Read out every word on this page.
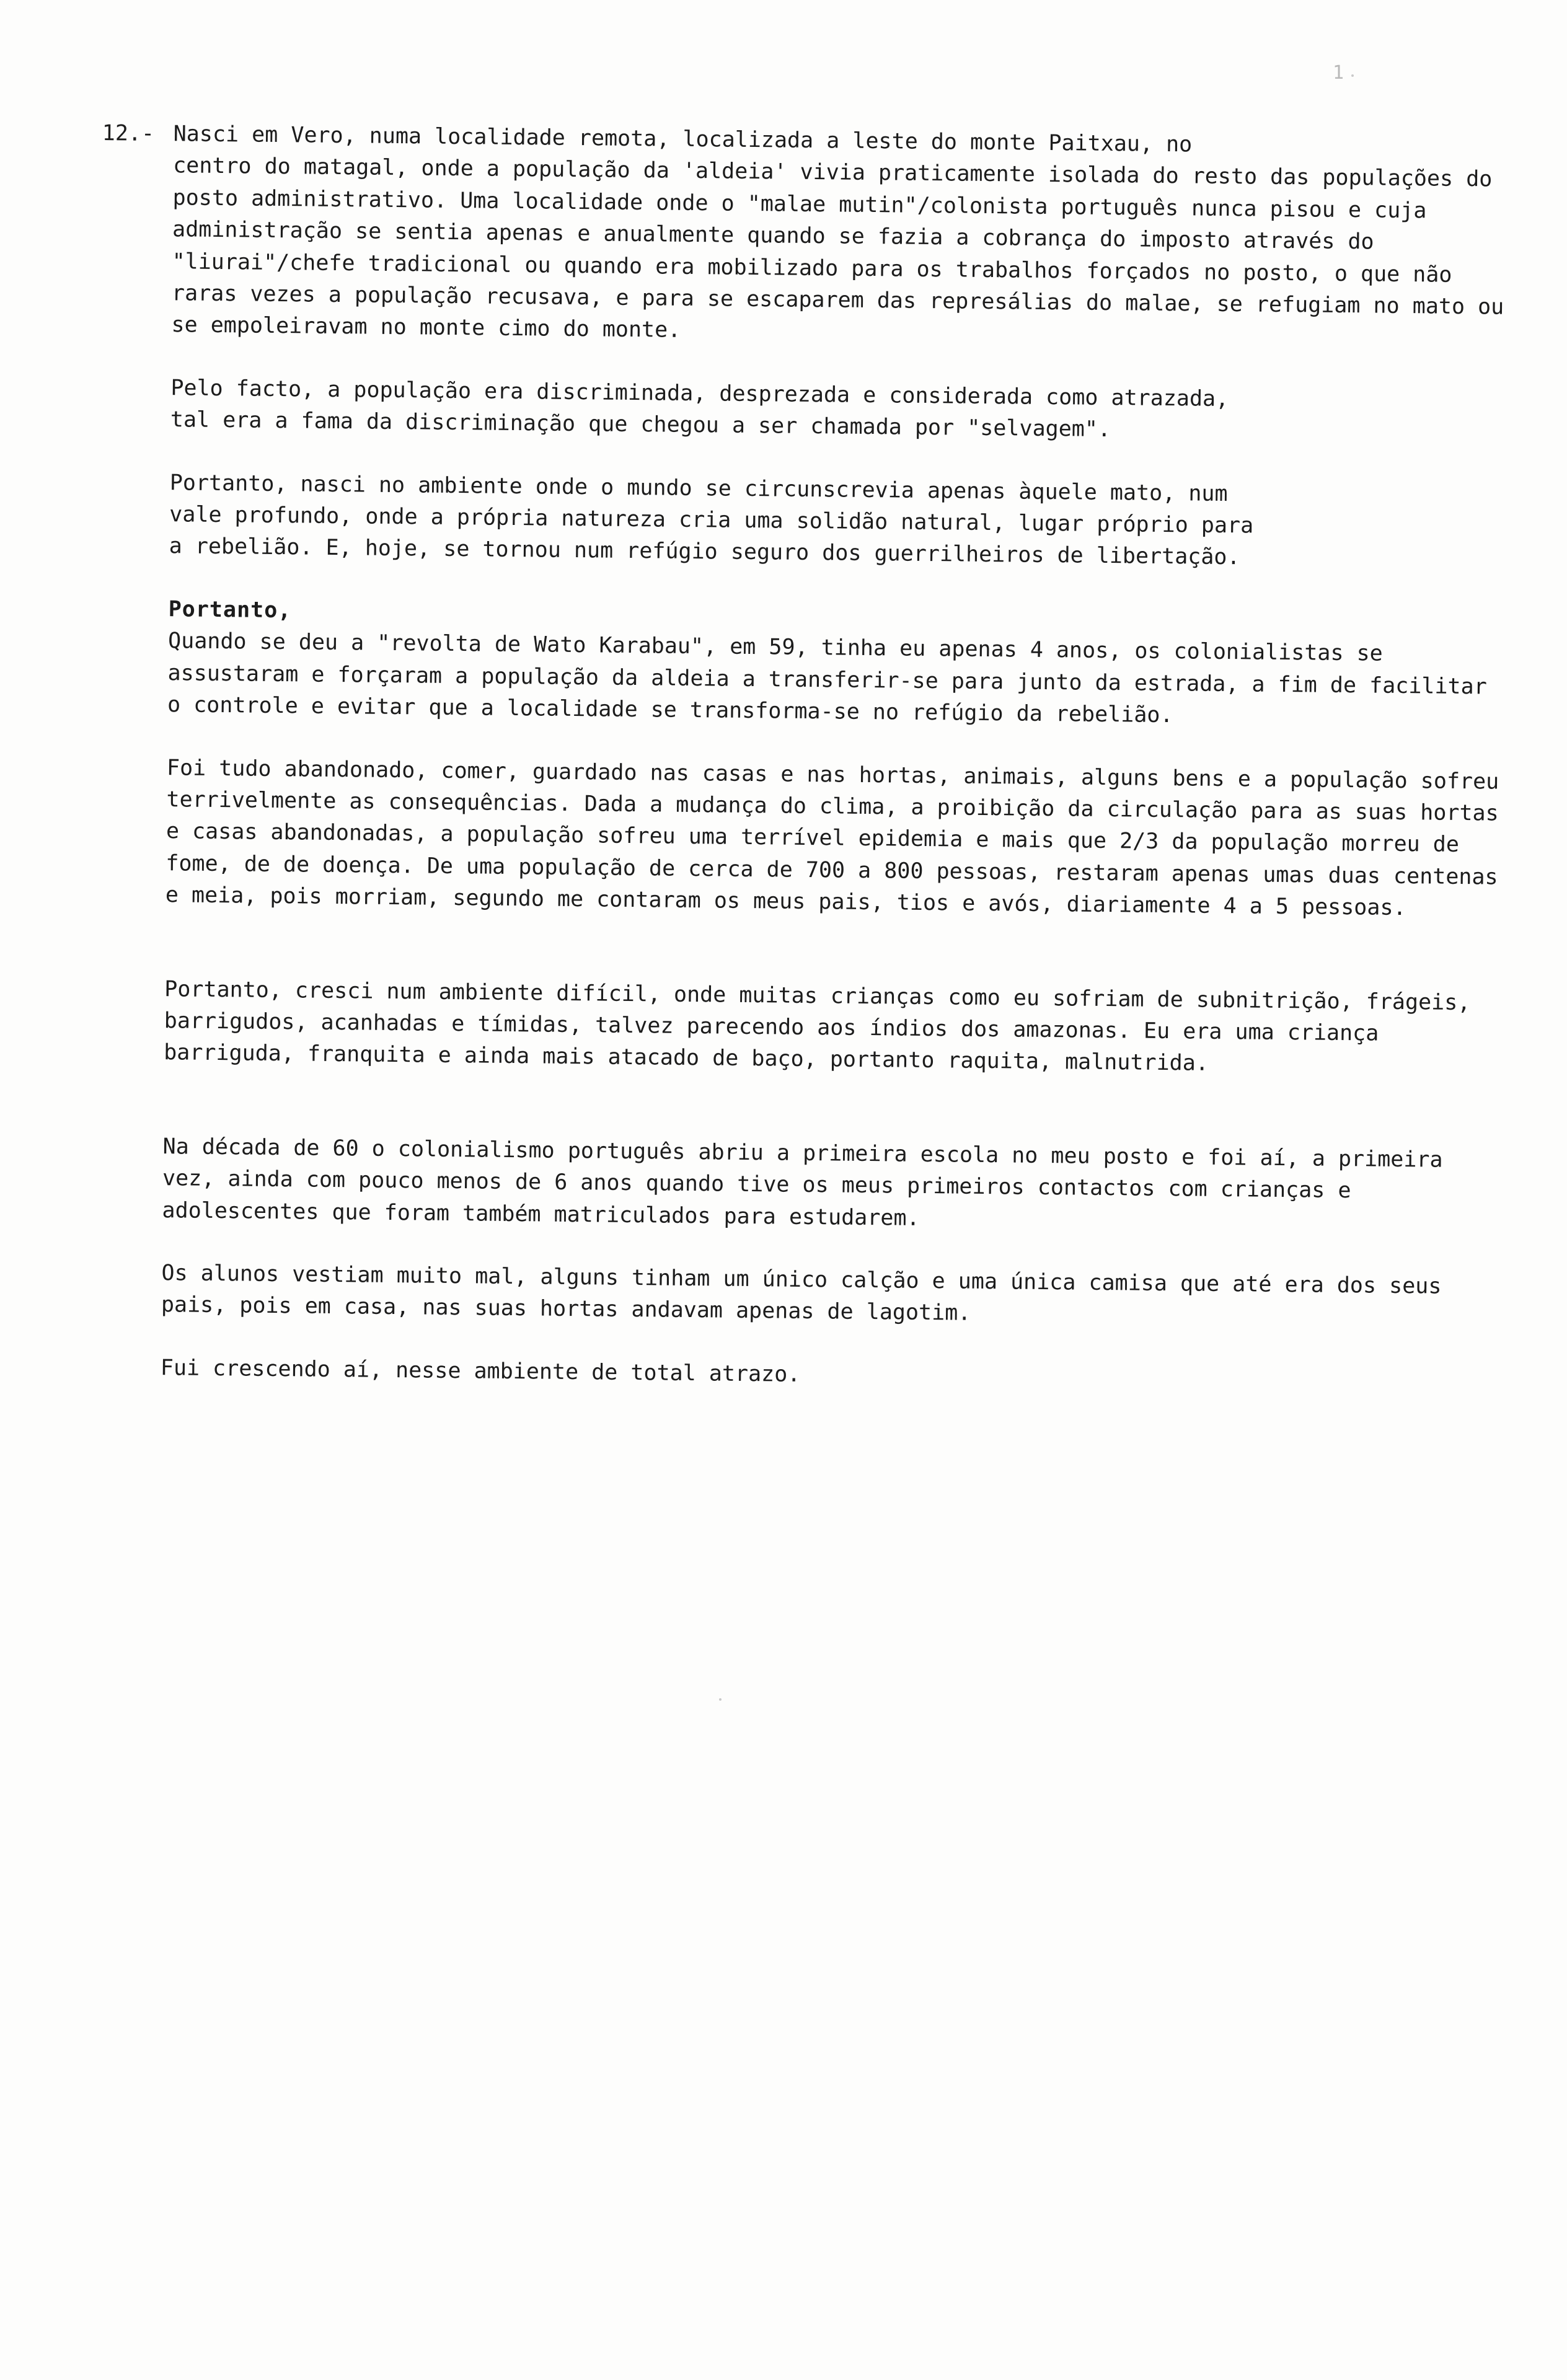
1
12.- Nasci em Vero, numa localidade remota, localizada a leste do monte Paitxau, no
centro do matagal, onde a população da 'aldeia' vivia praticamente isolada do resto das populações do posto administrativo. Uma localidade onde o "malae mutin"/colonista português nunca pisou e cuja administração se sentia apenas e anualmente quando se fazia a cobrança do imposto através do "liurai"/chefe tradicional ou quando era mobilizado para os trabalhos forçados no posto, o que não raras vezes a população recusava, e para se escaparem das represálias do malae, se refugiam no mato ou se empoleiravam no monte cimo do monte.

Pelo facto, a população era discriminada, desprezada e considerada como atrazada,
tal era a fama da discriminação que chegou a ser chamada por "selvagem".

Portanto, nasci no ambiente onde o mundo se circunscrevia apenas àquele mato, num
vale profundo, onde a própria natureza cria uma solidão natural, lugar próprio para
a rebelião. E, hoje, se tornou num refúgio seguro dos guerrilheiros de libertação.

Portanto,

Quando se deu a "revolta de Wato Karabau", em 59, tinha eu apenas 4 anos, os colonialistas se assustaram e forçaram a população da aldeia a transferir-se para junto da estrada, a fim de facilitar o controle e evitar que a localidade se transforma-se no refúgio da rebelião.

Foi tudo abandonado, comer, guardado nas casas e nas hortas, animais, alguns bens e a população sofreu terrivelmente as consequências. Dada a mudança do clima, a proibição da circulação para as suas hortas e casas abandonadas, a população sofreu uma terrível epidemia e mais que 2/3 da população morreu de fome, de de doença. De uma população de cerca de 700 a 800 pessoas, restaram apenas umas duas centenas e meia, pois morriam, segundo me contaram os meus pais, tios e avós, diariamente 4 a 5 pessoas.

Portanto, cresci num ambiente difícil, onde muitas crianças como eu sofriam de subnitrição, frágeis, barrigudos, acanhadas e tímidas, talvez parecendo aos índios dos amazonas. Eu era uma criança barriguda, franquita e ainda mais atacado de baço, portanto raquita, malnutrida.

Na década de 60 o colonialismo português abriu a primeira escola no meu posto e foi aí, a primeira vez, ainda com pouco menos de 6 anos quando tive os meus primeiros contactos com crianças e adolescentes que foram também matriculados para estudarem.

Os alunos vestiam muito mal, alguns tinham um único calção e uma única camisa que até era dos seus pais, pois em casa, nas suas hortas andavam apenas de lagotim.

Fui crescendo aí, nesse ambiente de total atrazo.
